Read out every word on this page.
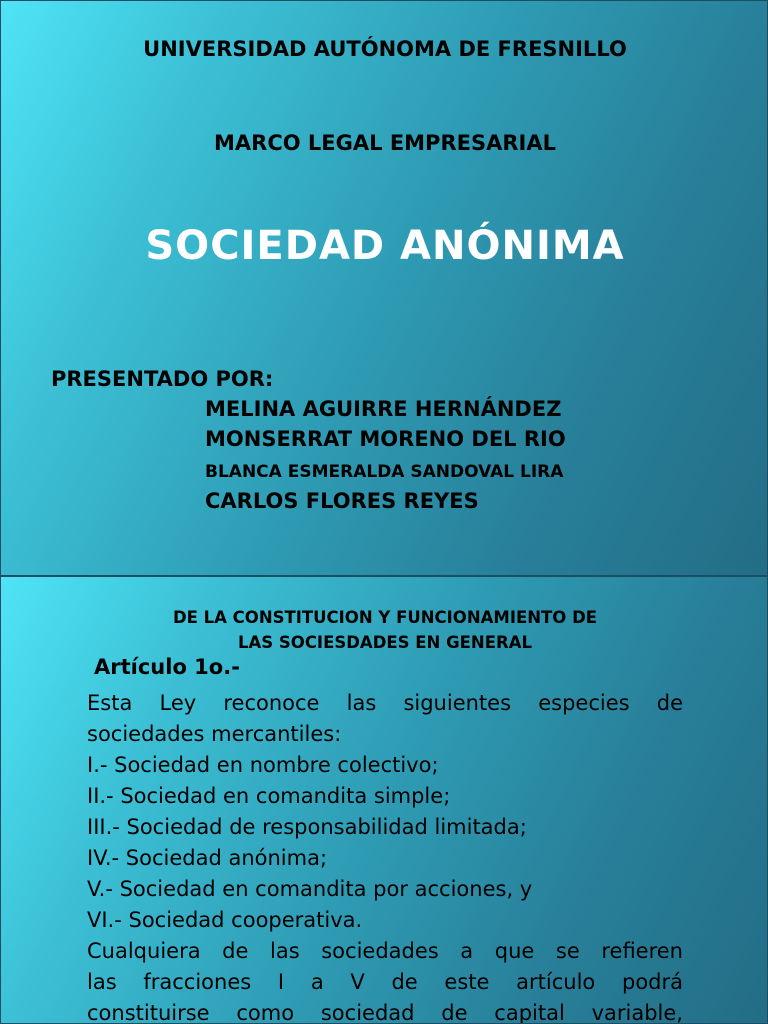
UNIVERSIDAD AUTÓNOMA DE FRESNILLO
MARCO LEGAL EMPRESARIAL
SOCIEDAD ANÓNIMA
PRESENTADO POR:
MELINA AGUIRRE HERNÁNDEZ
MONSERRAT MORENO DEL RIO
BLANCA ESMERALDA SANDOVAL LIRA
CARLOS FLORES REYES
DE LA CONSTITUCION Y FUNCIONAMIENTO DE
LAS SOCIESDADES EN GENERAL
Artículo 1o.-

Esta Ley reconoce las siguientes especies de

sociedades mercantiles:

I.- Sociedad en nombre colectivo;

II.- Sociedad en comandita simple;

III.- Sociedad de responsabilidad limitada;

IV.- Sociedad anónima;

V.- Sociedad en comandita por acciones, y

VI.- Sociedad cooperativa.

Cualquiera de las sociedades a que se refieren

las fracciones I a V de este artículo podrá

constituirse como sociedad de capital variable,
